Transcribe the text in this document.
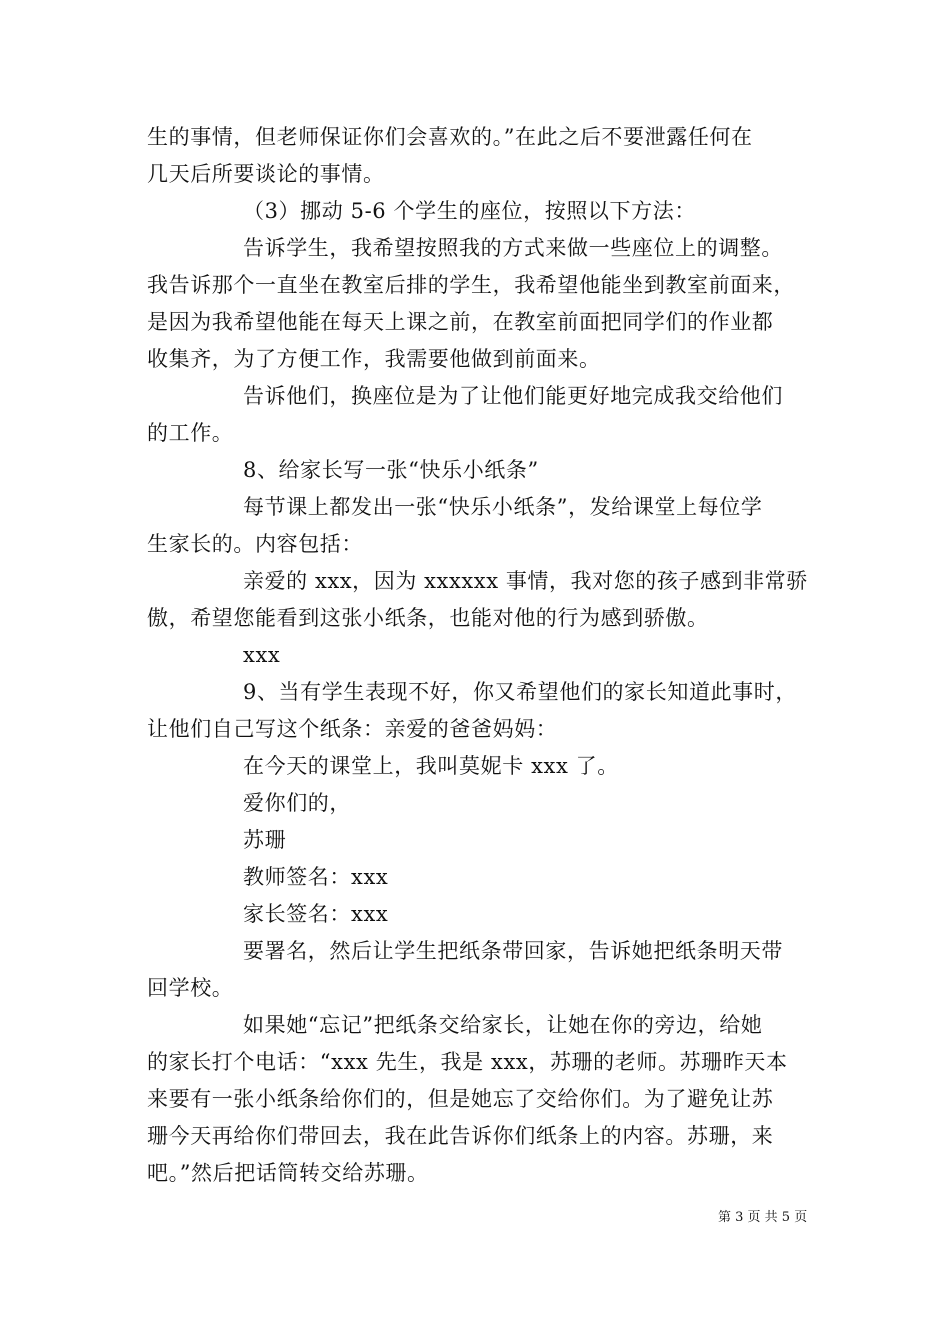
生的事情，但老师保证你们会喜欢的。”在此之后不要泄露任何在
几天后所要谈论的事情。
（3）挪动 5-6 个学生的座位，按照以下方法：
告诉学生，我希望按照我的方式来做一些座位上的调整。
我告诉那个一直坐在教室后排的学生，我希望他能坐到教室前面来，
是因为我希望他能在每天上课之前，在教室前面把同学们的作业都
收集齐，为了方便工作，我需要他做到前面来。
告诉他们，换座位是为了让他们能更好地完成我交给他们
的工作。
8、给家长写一张“快乐小纸条”
每节课上都发出一张“快乐小纸条”，发给课堂上每位学
生家长的。内容包括：
亲爱的 xxx，因为 xxxxxx 事情，我对您的孩子感到非常骄
傲，希望您能看到这张小纸条，也能对他的行为感到骄傲。
xxx
9、当有学生表现不好，你又希望他们的家长知道此事时，
让他们自己写这个纸条：亲爱的爸爸妈妈：
在今天的课堂上，我叫莫妮卡 xxx 了。
爱你们的，
苏珊
教师签名：xxx
家长签名：xxx
要署名，然后让学生把纸条带回家，告诉她把纸条明天带
回学校。
如果她“忘记”把纸条交给家长，让她在你的旁边，给她
的家长打个电话：“xxx 先生，我是 xxx，苏珊的老师。苏珊昨天本
来要有一张小纸条给你们的，但是她忘了交给你们。为了避免让苏
珊今天再给你们带回去，我在此告诉你们纸条上的内容。苏珊，来
吧。”然后把话筒转交给苏珊。
第 3 页 共 5 页
